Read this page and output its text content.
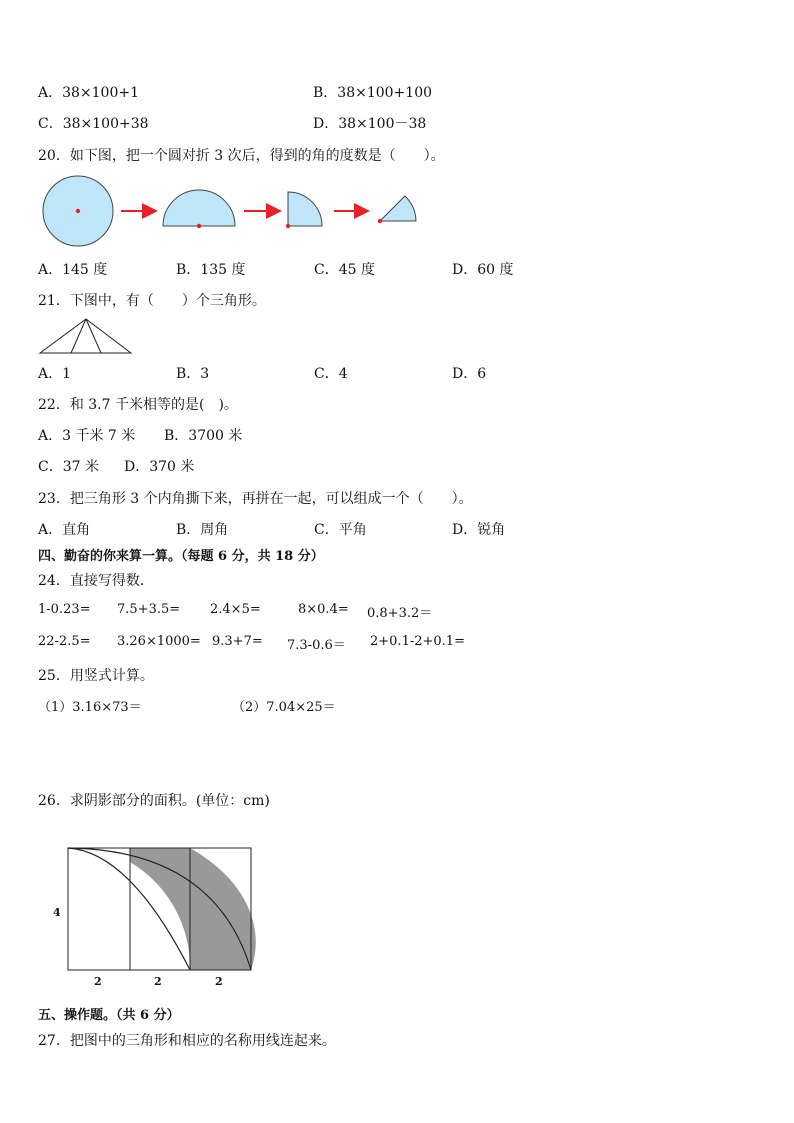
A．38×100+1	B．38×100+100
C．38×100+38	D．38×100－38
20．如下图，把一个圆对折 3 次后，得到的角的度数是（　　）。
A．145 度	B．135 度	C．45 度	D．60 度
21．下图中，有（　　）个三角形。
A．1	B．3	C．4	D．6
22．和 3.7 千米相等的是(　)。
A．3 千米 7 米 B．3700 米
C．37 米 D．370 米
23．把三角形 3 个内角撕下来，再拼在一起，可以组成一个（　　）。
A．直角	B．周角	C．平角	D．锐角
四、勤奋的你来算一算。（每题 6 分，共 18 分）
24．直接写得数．
1-0.23= 7.5+3.5= 2.4×5=	8×0.4= 0.8+3.2＝
22-2.5= 3.26×1000= 9.3+7= 7.3-0.6＝ 2+0.1-2+0.1=
25．用竖式计算。
（1）3.16×73＝	（2）7.04×25＝
26．求阴影部分的面积。(单位：cm)
4
2	2	2
五、操作题。（共 6 分）
27．把图中的三角形和相应的名称用线连起来。
